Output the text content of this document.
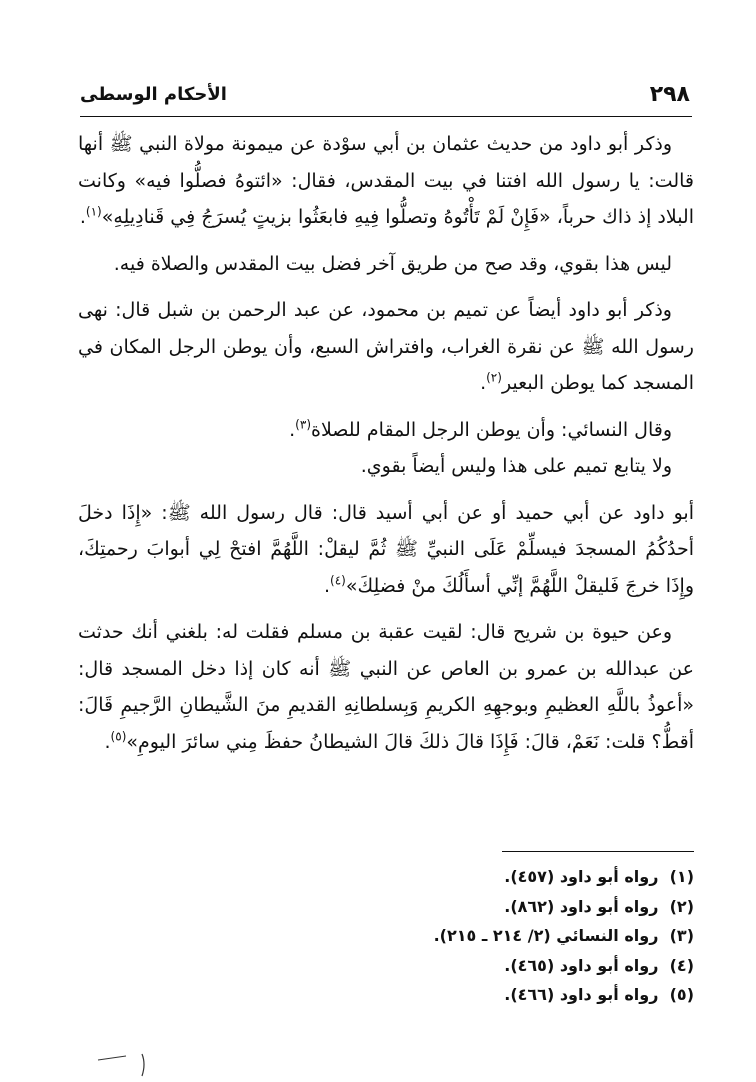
٢٩٨
الأحكام الوسطى

وذكر أبو داود من حديث عثمان بن أبي سوْدة عن ميمونة مولاة النبي ﷺ أنها قالت: يا رسول الله افتنا في بيت المقدس، فقال: «ائتوهُ فصلُّوا فيه» وكانت البلاد إذ ذاك حرباً، «فَإِنْ لَمْ تَأْتُوهُ وتصلُّوا فِيهِ فابعَثُوا بزيتٍ يُسرَجُ فِي قَنادِيلِهِ»$^{(١)}$.

ليس هذا بقوي، وقد صح من طريق آخر فضل بيت المقدس والصلاة فيه.

وذكر أبو داود أيضاً عن تميم بن محمود، عن عبد الرحمن بن شبل قال: نهى رسول الله ﷺ عن نقرة الغراب، وافتراش السبع، وأن يوطن الرجل المكان في المسجد كما يوطن البعير$^{(٢)}$.

وقال النسائي: وأن يوطن الرجل المقام للصلاة$^{(٣)}$.

ولا يتابع تميم على هذا وليس أيضاً بقوي.

أبو داود عن أبي حميد أو عن أبي أسيد قال: قال رسول الله ﷺ: «إِذَا دخلَ أحدُكُمُ المسجدَ فيسلِّمْ عَلَى النبيِّ ﷺ ثُمَّ ليقلْ: اللَّهُمَّ افتحْ لِي أبوابَ رحمتِكَ، وإِذَا خرجَ فَليقلْ اللَّهُمَّ إنِّي أسأَلُكَ منْ فضلِكَ»$^{(٤)}$.

وعن حيوة بن شريح قال: لقيت عقبة بن مسلم فقلت له: بلغني أنك حدثت عن عبدالله بن عمرو بن العاص عن النبي ﷺ أنه كان إذا دخل المسجد قال: «أعوذُ باللَّهِ العظيمِ وبوجهِهِ الكريمِ وَبِسلطانِهِ القديمِ منَ الشَّيطانِ الرَّجيمِ قَالَ: أقطُّ؟ قلت: نَعَمْ، قالَ: فَإِذَا قالَ ذلكَ قالَ الشيطانُ حفظَ مِني سائرَ اليومِ»$^{(٥)}$.

(١) رواه أبو داود (٤٥٧).
(٢) رواه أبو داود (٨٦٢).
(٣) رواه النسائي (٢/ ٢١٤ ـ ٢١٥).
(٤) رواه أبو داود (٤٦٥).
(٥) رواه أبو داود (٤٦٦).
